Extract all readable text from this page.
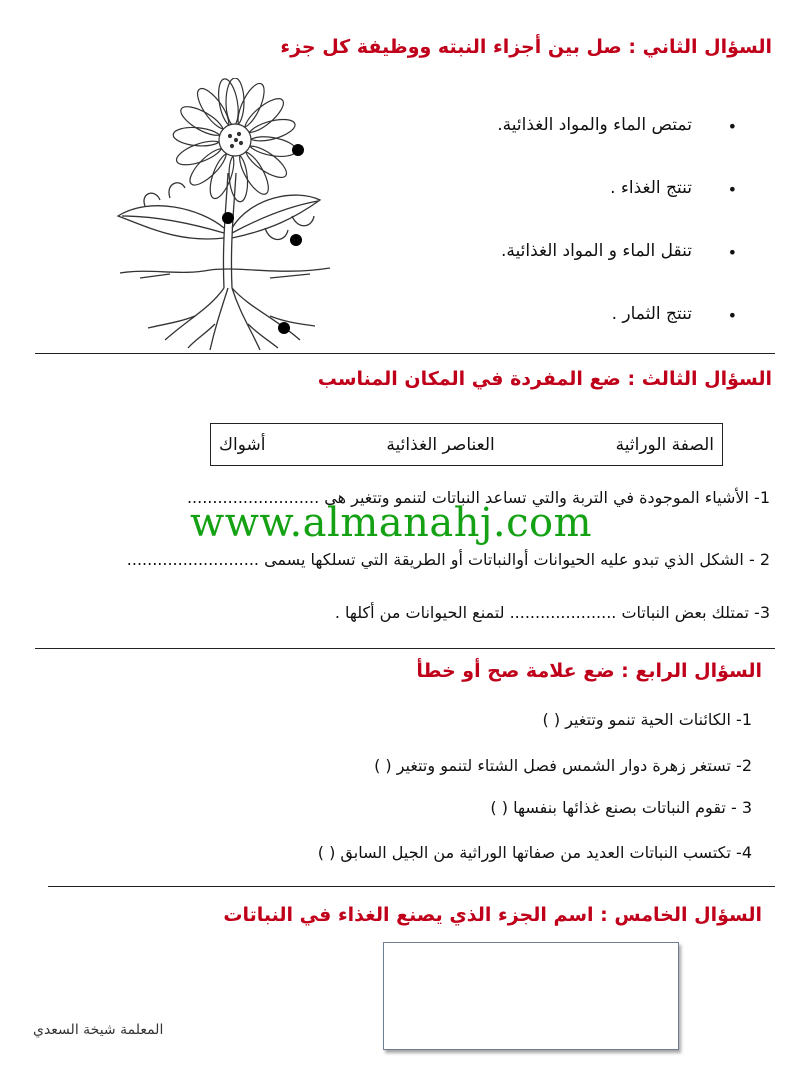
السؤال الثاني : صل بين أجزاء النبته ووظيفة كل جزء
تمتص الماء والمواد الغذائية. •
تنتج الغذاء . •
تنقل الماء و المواد الغذائية. •
تنتج الثمار . •
السؤال الثالث : ضع المفردة في المكان المناسب
الصفة الوراثية
العناصر الغذائية
أشواك
1- الأشياء الموجودة في التربة والتي تساعد النباتات لتنمو وتتغير هي ..........................
2 - الشكل الذي تبدو عليه الحيوانات أوالنباتات أو الطريقة التي تسلكها يسمى ..........................
3- تمتلك بعض النباتات ..................... لتمنع الحيوانات من أكلها .
www.almanahj.com
السؤال الرابع : ضع علامة صح أو خطأ
1- الكائنات الحية تنمو وتتغير ( )
2- تستغر زهرة دوار الشمس فصل الشتاء لتنمو وتتغير ( )
3 - تقوم النباتات بصنع غذائها بنفسها ( )
4- تكتسب النباتات العديد من صفاتها الوراثية من الجيل السابق ( )
السؤال الخامس : اسم الجزء الذي يصنع الغذاء في النباتات
المعلمة شيخة السعدي
